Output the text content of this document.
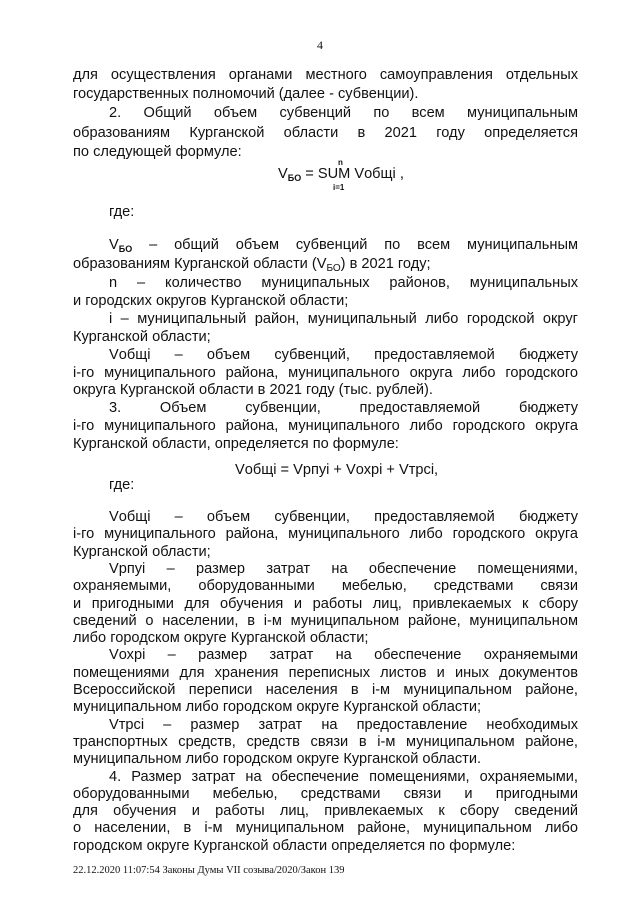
4
для осуществления органами местного самоуправления отдельных
государственных полномочий (далее - субвенции).
2. Общий объем субвенций по всем муниципальным
образованиям Курганской области в 2021 году определяется
по следующей формуле:
n
$V_{БО}$ = SUM Vобщі ,
i=1
где:
$V_{БО}$ – общий объем субвенций по всем муниципальным
образованиям Курганской области $(V_{БО})$ в 2021 году;
n – количество муниципальных районов, муниципальных
и городских округов Курганской области;
і – муниципальный район, муниципальный либо городской округ
Курганской области;
Vобщі – объем субвенций, предоставляемой бюджету
і-го муниципального района, муниципального округа либо городского
округа Курганской области в 2021 году (тыс. рублей).
3. Объем субвенции, предоставляемой бюджету
і-го муниципального района, муниципального либо городского округа
Курганской области, определяется по формуле:
Vобщі = Vрпуі + Vохрі + Vтрсі,
где:
Vобщі – объем субвенции, предоставляемой бюджету
і-го муниципального района, муниципального либо городского округа
Курганской области;
Vрпуі – размер затрат на обеспечение помещениями,
охраняемыми, оборудованными мебелью, средствами связи
и пригодными для обучения и работы лиц, привлекаемых к сбору
сведений о населении, в і-м муниципальном районе, муниципальном
либо городском округе Курганской области;
Vохрі – размер затрат на обеспечение охраняемыми
помещениями для хранения переписных листов и иных документов
Всероссийской переписи населения в і-м муниципальном районе,
муниципальном либо городском округе Курганской области;
Vтрсі – размер затрат на предоставление необходимых
транспортных средств, средств связи в і-м муниципальном районе,
муниципальном либо городском округе Курганской области.
4. Размер затрат на обеспечение помещениями, охраняемыми,
оборудованными мебелью, средствами связи и пригодными
для обучения и работы лиц, привлекаемых к сбору сведений
о населении, в і-м муниципальном районе, муниципальном либо
городском округе Курганской области определяется по формуле:
22.12.2020 11:07:54 Законы Думы VII созыва/2020/Закон 139
